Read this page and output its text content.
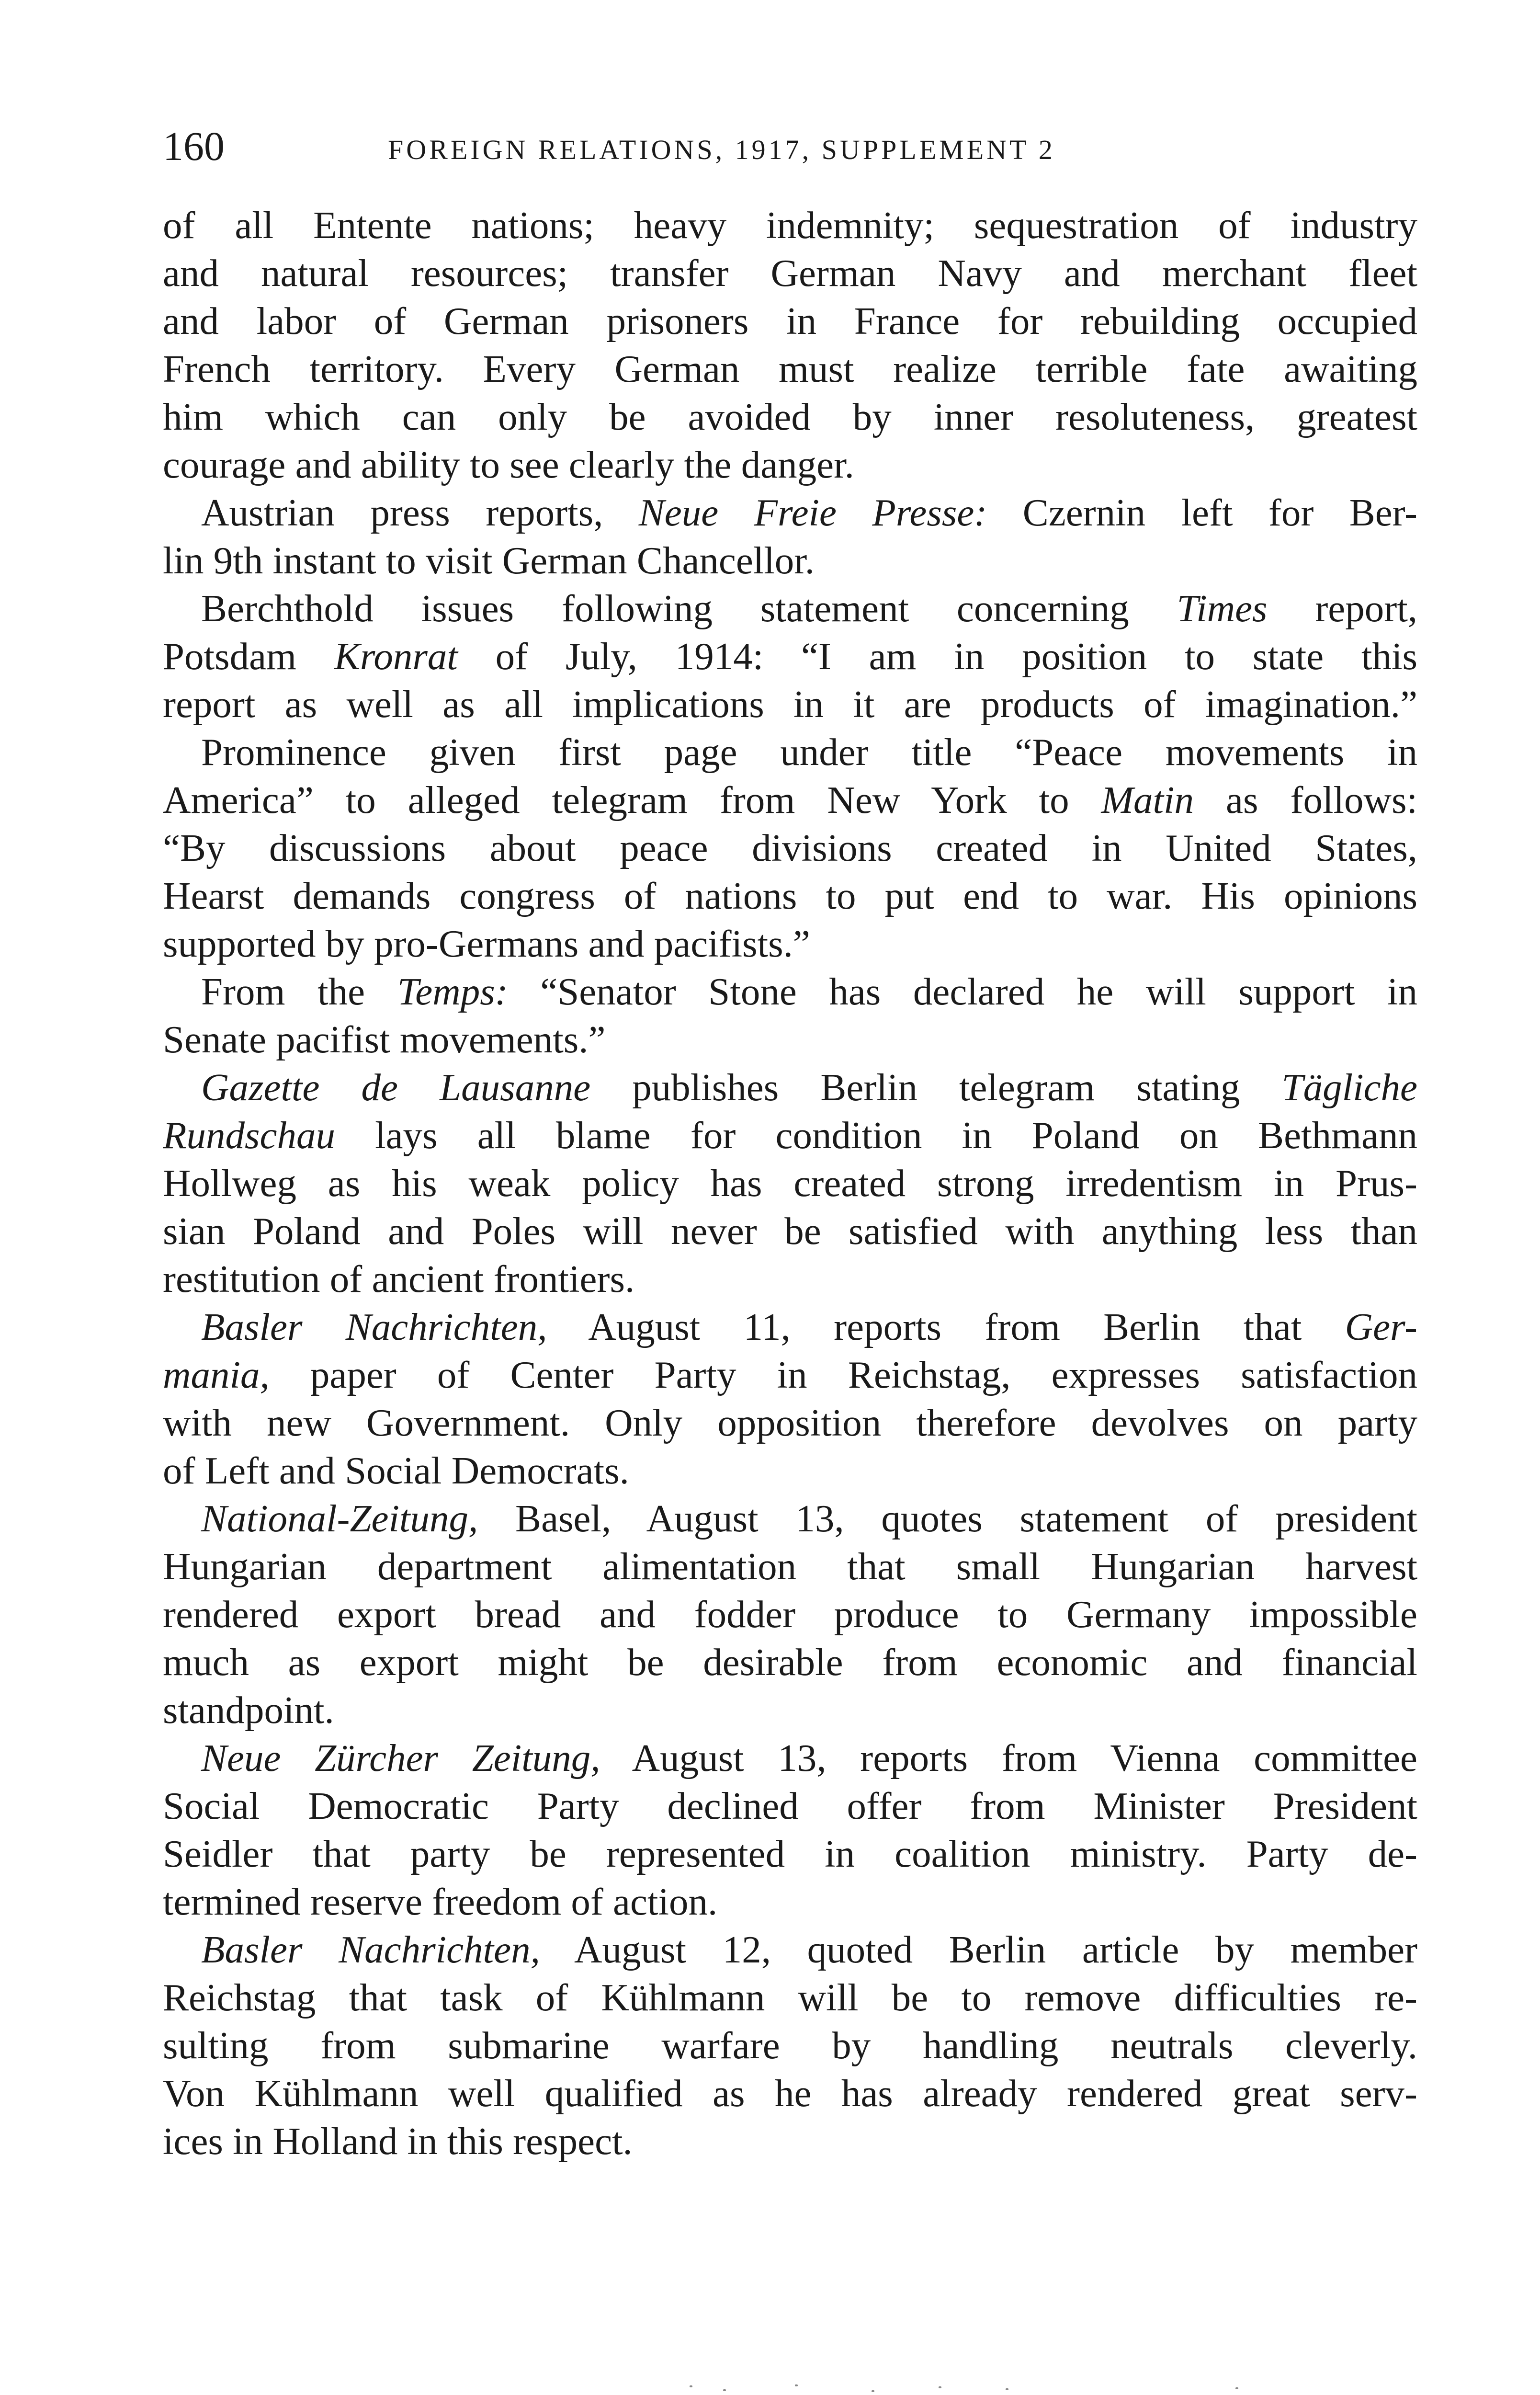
160	FOREIGN RELATIONS, 1917, SUPPLEMENT 2
of all Entente nations; heavy indemnity; sequestration of industry
and natural resources; transfer German Navy and merchant fleet
and labor of German prisoners in France for rebuilding occupied
French territory. Every German must realize terrible fate awaiting
him which can only be avoided by inner resoluteness, greatest
courage and ability to see clearly the danger.
Austrian press reports, Neue Freie Presse: Czernin left for Ber-
lin 9th instant to visit German Chancellor.
Berchthold issues following statement concerning Times report,
Potsdam Kronrat of July, 1914: “I am in position to state this
report as well as all implications in it are products of imagination.”
Prominence given first page under title “Peace movements in
America” to alleged telegram from New York to Matin as follows:
“By discussions about peace divisions created in United States,
Hearst demands congress of nations to put end to war. His opinions
supported by pro-Germans and pacifists.”
From the Temps: “Senator Stone has declared he will support in
Senate pacifist movements.”
Gazette de Lausanne publishes Berlin telegram stating Tägliche
Rundschau lays all blame for condition in Poland on Bethmann
Hollweg as his weak policy has created strong irredentism in Prus-
sian Poland and Poles will never be satisfied with anything less than
restitution of ancient frontiers.
Basler Nachrichten, August 11, reports from Berlin that Ger-
mania, paper of Center Party in Reichstag, expresses satisfaction
with new Government. Only opposition therefore devolves on party
of Left and Social Democrats.
National-Zeitung, Basel, August 13, quotes statement of president
Hungarian department alimentation that small Hungarian harvest
rendered export bread and fodder produce to Germany impossible
much as export might be desirable from economic and financial
standpoint.
Neue Zürcher Zeitung, August 13, reports from Vienna committee
Social Democratic Party declined offer from Minister President
Seidler that party be represented in coalition ministry. Party de-
termined reserve freedom of action.
Basler Nachrichten, August 12, quoted Berlin article by member
Reichstag that task of Kühlmann will be to remove difficulties re-
sulting from submarine warfare by handling neutrals cleverly.
Von Kühlmann well qualified as he has already rendered great serv-
ices in Holland in this respect.
